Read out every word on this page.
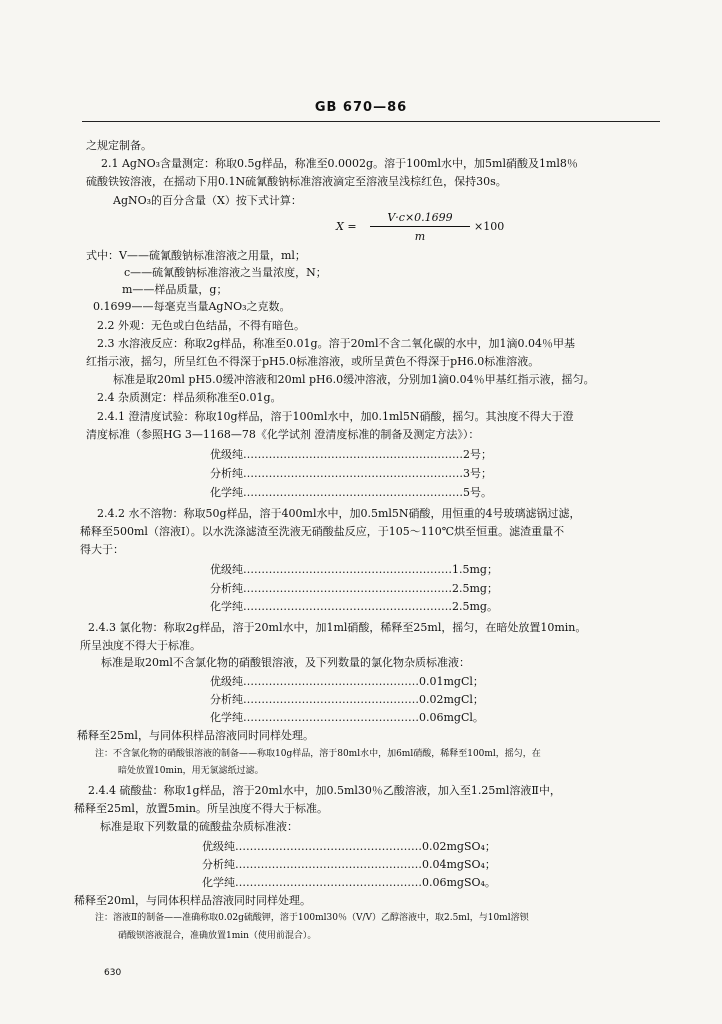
GB 670—86
之规定制备。
2.1 AgNO₃含量测定：称取0.5g样品，称准至0.0002g。溶于100ml水中，加5ml硝酸及1ml8％
硫酸铁铵溶液，在摇动下用0.1N硫氰酸钠标准溶液滴定至溶液呈浅棕红色，保持30s。
AgNO₃的百分含量（X）按下式计算：
X =
V·c×0.1699
m
×100
式中：V——硫氰酸钠标准溶液之用量，ml；
c——硫氰酸钠标准溶液之当量浓度，N；
m——样品质量，g；
0.1699——每毫克当量AgNO₃之克数。
2.2 外观：无色或白色结晶，不得有暗色。
2.3 水溶液反应：称取2g样品，称准至0.01g。溶于20ml不含二氧化碳的水中，加1滴0.04％甲基
红指示液，摇匀，所呈红色不得深于pH5.0标准溶液，或所呈黄色不得深于pH6.0标准溶液。
标准是取20ml pH5.0缓冲溶液和20ml pH6.0缓冲溶液，分别加1滴0.04％甲基红指示液，摇匀。
2.4 杂质测定：样品须称准至0.01g。
2.4.1 澄清度试验：称取10g样品，溶于100ml水中，加0.1ml5N硝酸，摇匀。其浊度不得大于澄
清度标准（参照HG 3—1168—78《化学试剂 澄清度标准的制备及测定方法》）：
优级纯……………………………………………………2号；
分析纯……………………………………………………3号；
化学纯……………………………………………………5号。
2.4.2 水不溶物：称取50g样品，溶于400ml水中，加0.5ml5N硝酸，用恒重的4号玻璃滤锅过滤，
稀释至500ml（溶液Ⅰ）。以水洗涤滤渣至洗液无硝酸盐反应，于105～110℃烘至恒重。滤渣重量不
得大于：
优级纯…………………………………………………1.5mg；
分析纯…………………………………………………2.5mg；
化学纯…………………………………………………2.5mg。
2.4.3 氯化物：称取2g样品，溶于20ml水中，加1ml硝酸，稀释至25ml，摇匀，在暗处放置10min。
所呈浊度不得大于标准。
标准是取20ml不含氯化物的硝酸银溶液，及下列数量的氯化物杂质标准液：
优级纯…………………………………………0.01mgCl；
分析纯…………………………………………0.02mgCl；
化学纯…………………………………………0.06mgCl。
稀释至25ml，与同体积样品溶液同时同样处理。
注：不含氯化物的硝酸银溶液的制备——称取10g样品，溶于80ml水中，加6ml硝酸，稀释至100ml，摇匀，在
暗处放置10min，用无氯滤纸过滤。
2.4.4 硫酸盐：称取1g样品，溶于20ml水中，加0.5ml30％乙酸溶液，加入至1.25ml溶液Ⅱ中，
稀释至25ml，放置5min。所呈浊度不得大于标准。
标准是取下列数量的硫酸盐杂质标准液：
优级纯……………………………………………0.02mgSO₄；
分析纯……………………………………………0.04mgSO₄；
化学纯……………………………………………0.06mgSO₄。
稀释至20ml，与同体积样品溶液同时同样处理。
注：溶液Ⅱ的制备——准确称取0.02g硫酸钾，溶于100ml30％（V/V）乙醇溶液中，取2.5ml，与10ml溶钡
硝酸钡溶液混合，准确放置1min（使用前混合）。
630
